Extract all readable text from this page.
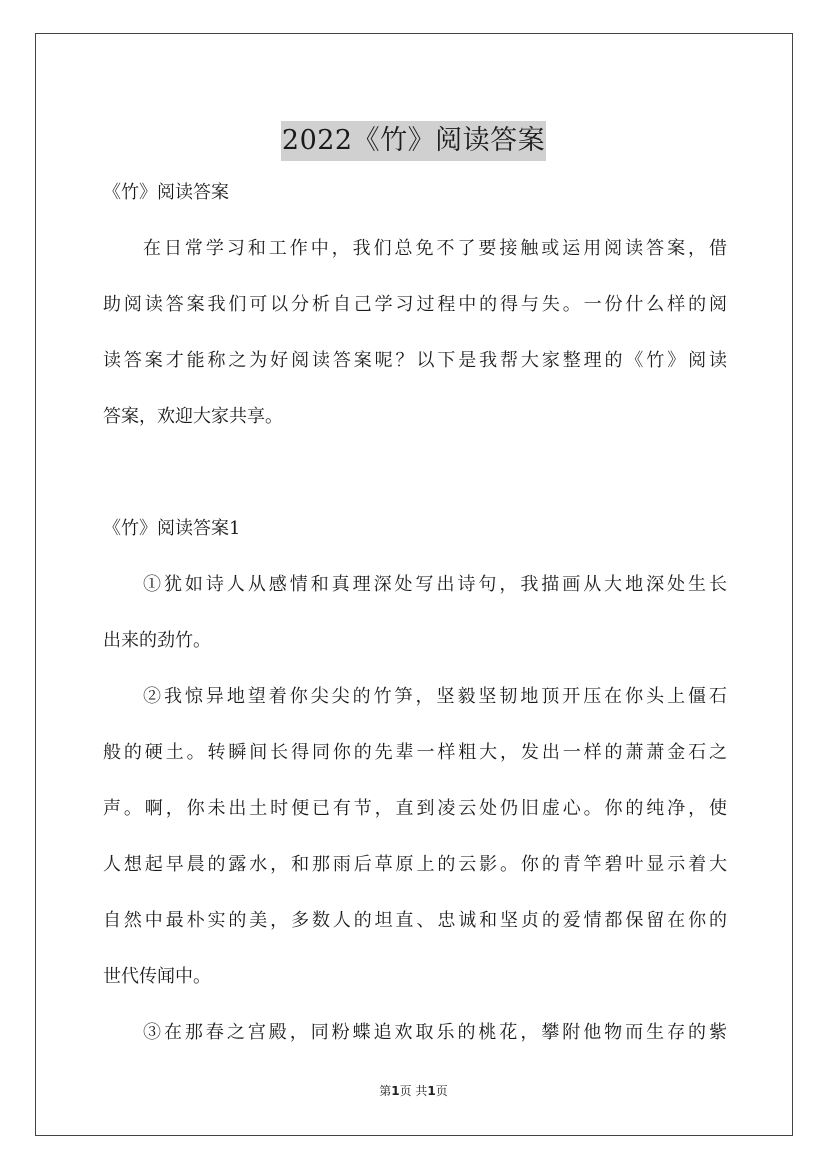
2022《竹》阅读答案
《竹》阅读答案
在日常学习和工作中，我们总免不了要接触或运用阅读答案，借
助阅读答案我们可以分析自己学习过程中的得与失。一份什么样的阅
读答案才能称之为好阅读答案呢？以下是我帮大家整理的《竹》阅读
答案，欢迎大家共享。
《竹》阅读答案1
①犹如诗人从感情和真理深处写出诗句，我描画从大地深处生长
出来的劲竹。
②我惊异地望着你尖尖的竹笋，坚毅坚韧地顶开压在你头上僵石
般的硬土。转瞬间长得同你的先辈一样粗大，发出一样的萧萧金石之
声。啊，你未出土时便已有节，直到凌云处仍旧虚心。你的纯净，使
人想起早晨的露水，和那雨后草原上的云影。你的青竿碧叶显示着大
自然中最朴实的美，多数人的坦直、忠诚和坚贞的爱情都保留在你的
世代传闻中。
③在那春之宫殿，同粉蝶追欢取乐的桃花，攀附他物而生存的紫
第1页 共1页
